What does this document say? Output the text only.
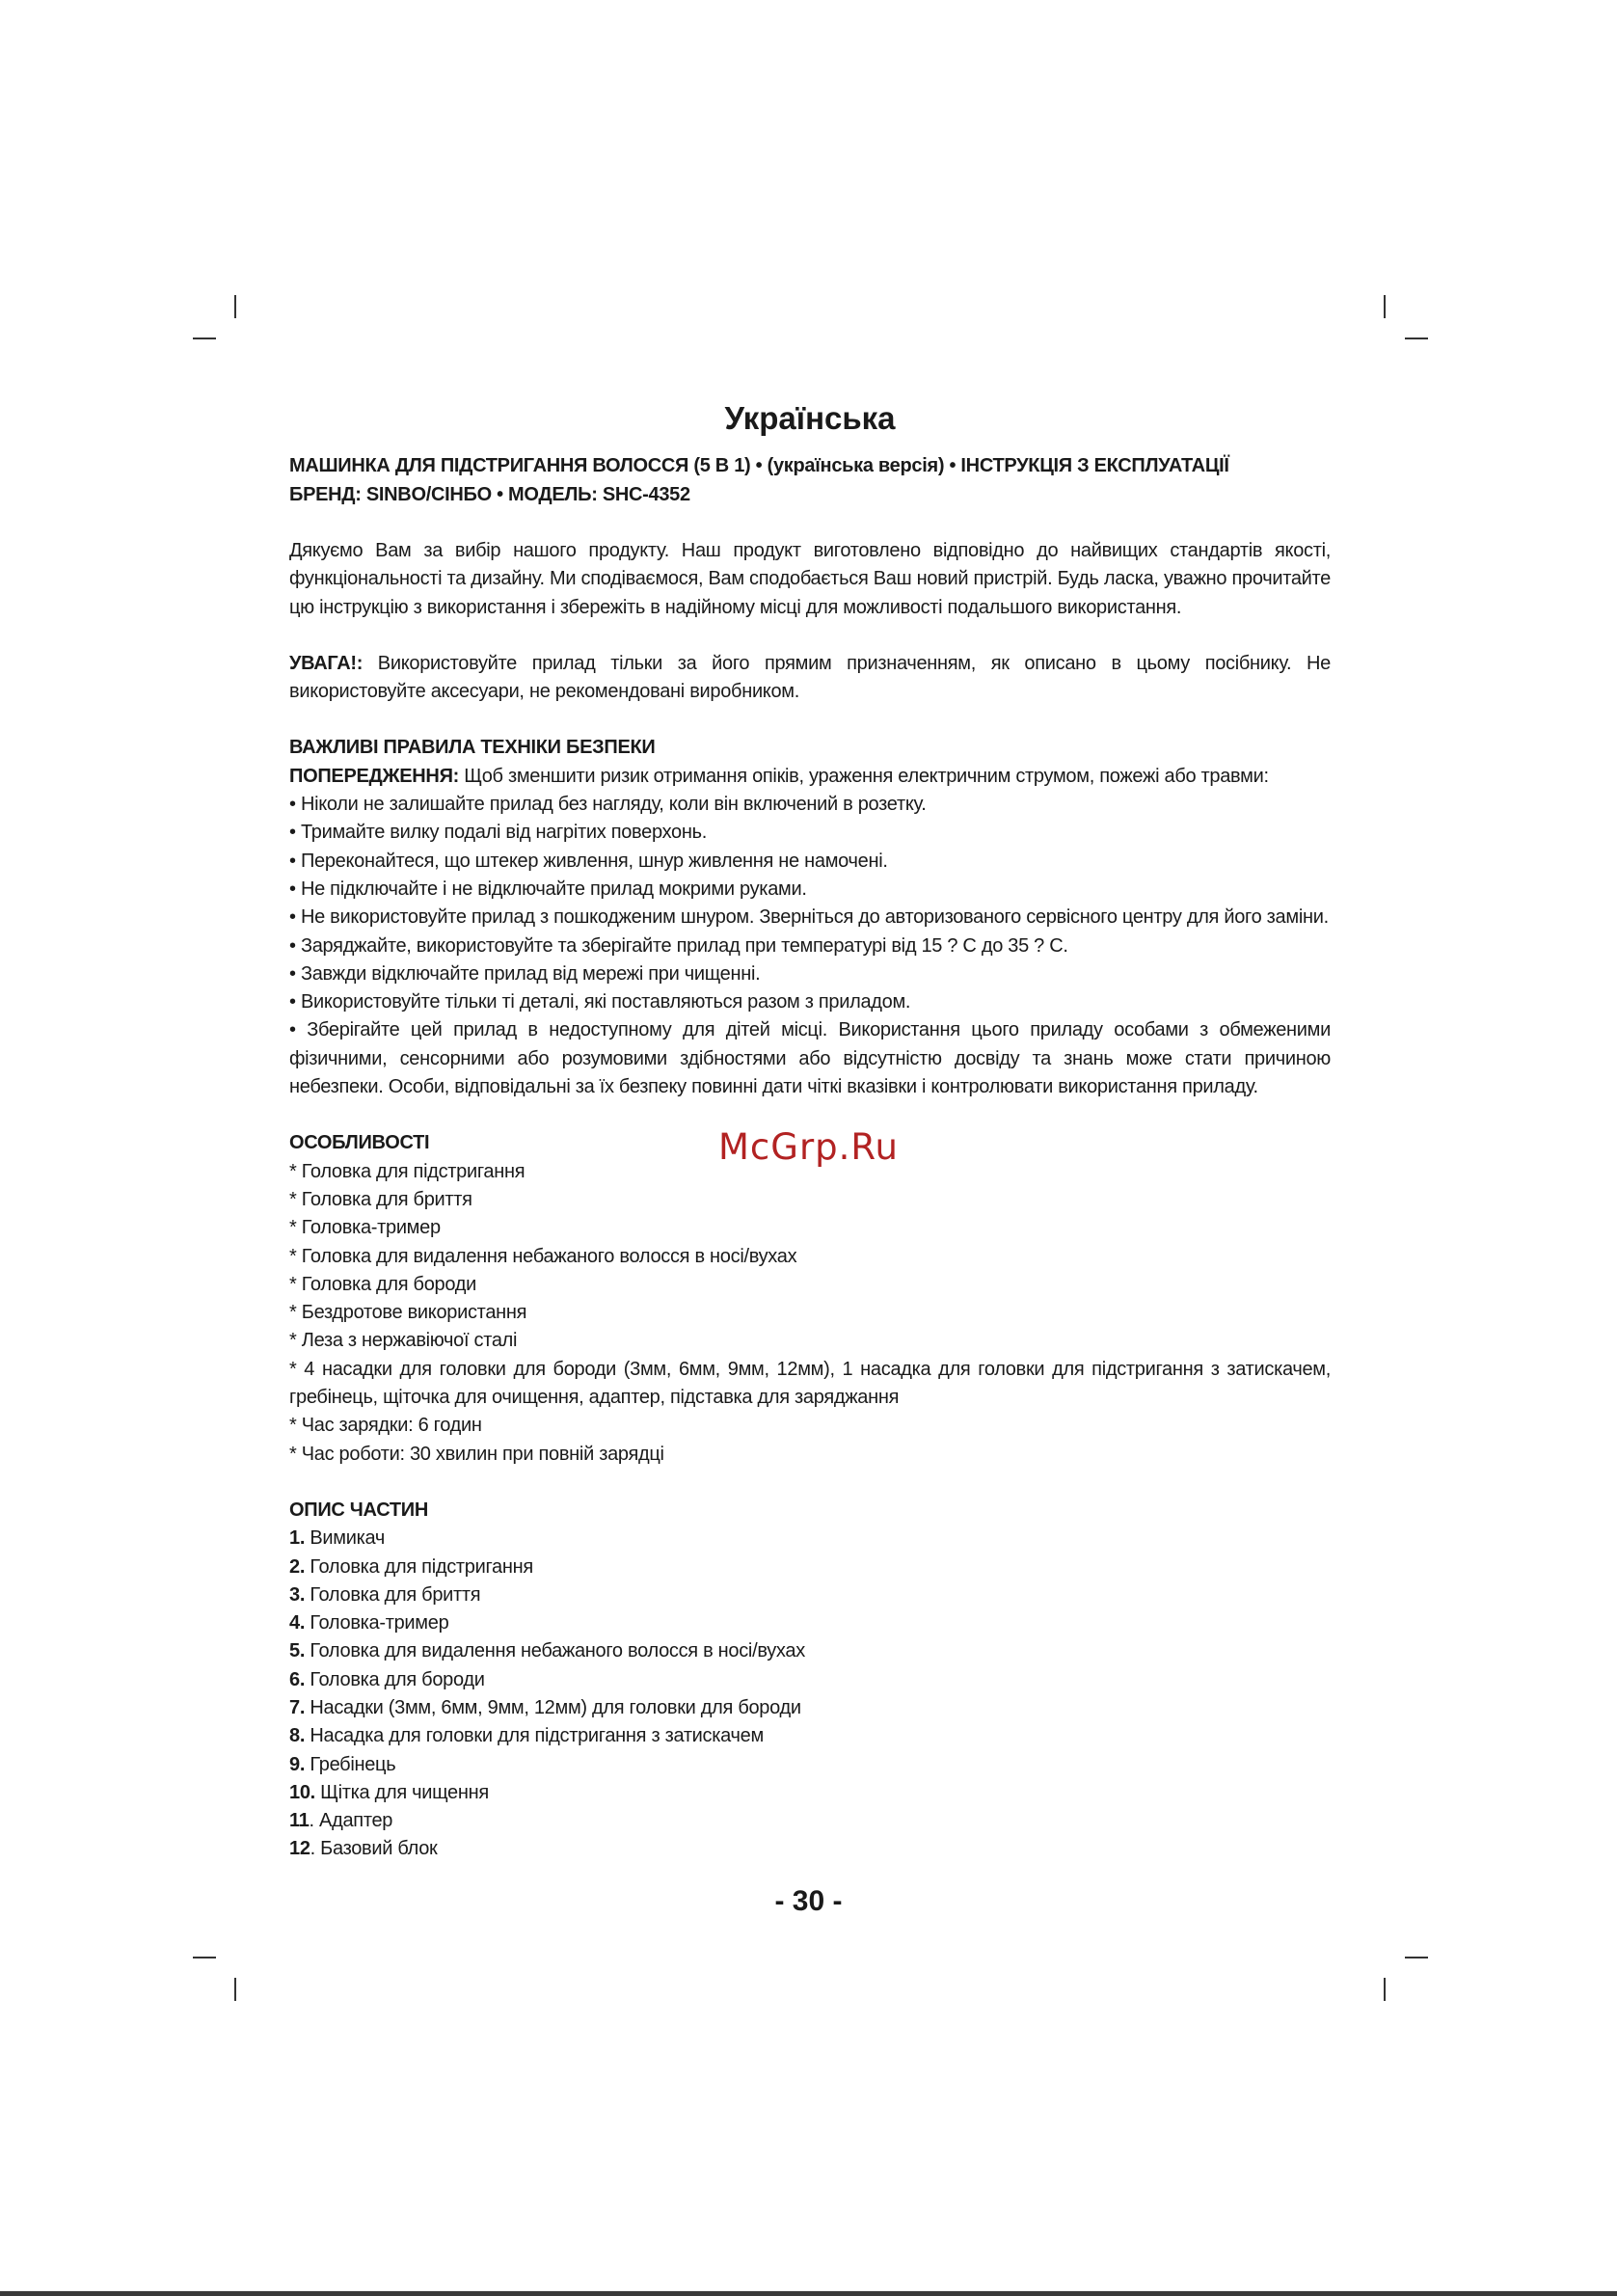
Українська
МАШИНКА ДЛЯ ПІДСТРИГАННЯ ВОЛОССЯ (5 В 1) • (українська версія) • ІНСТРУКЦІЯ З ЕКСПЛУАТАЦІЇ
БРЕНД: SINBO/СІНБО • МОДЕЛЬ: SHC-4352

Дякуємо Вам за вибір нашого продукту. Наш продукт виготовлено відповідно до найвищих стандартів якості, функціональності та дизайну. Ми сподіваємося, Вам сподобається Ваш новий пристрій. Будь ласка, уважно прочитайте цю інструкцію з використання і збережіть в надійному місці для можливості подальшого використання.

УВАГА!: Використовуйте прилад тільки за його прямим призначенням, як описано в цьому посібнику. Не використовуйте аксесуари, не рекомендовані виробником.

ВАЖЛИВІ ПРАВИЛА ТЕХНІКИ БЕЗПЕКИ

ПОПЕРЕДЖЕННЯ: Щоб зменшити ризик отримання опіків, ураження електричним струмом, пожежі або травми:

• Ніколи не залишайте прилад без нагляду, коли він включений в розетку.

• Тримайте вилку подалі від нагрітих поверхонь.

• Переконайтеся, що штекер живлення, шнур живлення не намочені.

• Не підключайте і не відключайте прилад мокрими руками.

• Не використовуйте прилад з пошкодженим шнуром. Зверніться до авторизованого сервісного центру для його заміни.

• Заряджайте, використовуйте та зберігайте прилад при температурі від 15 ? С до 35 ? С.

• Завжди відключайте прилад від мережі при чищенні.

• Використовуйте тільки ті деталі, які поставляються разом з приладом.

• Зберігайте цей прилад в недоступному для дітей місці. Використання цього приладу особами з обмеженими фізичними, сенсорними або розумовими здібностями або відсутністю досвіду та знань може стати причиною небезпеки. Особи, відповідальні за їх безпеку повинні дати чіткі вказівки і контролювати використання приладу.

ОСОБЛИВОСТІ

* Головка для підстригання

* Головка для бриття

* Головка-тример

* Головка для видалення небажаного волосся в носі/вухах

* Головка для бороди

* Бездротове використання

* Леза з нержавіючої сталі

* 4 насадки для головки для бороди (3мм, 6мм, 9мм, 12мм), 1 насадка для головки для підстригання з затискачем, гребінець, щіточка для очищення, адаптер, підставка для заряджання

* Час зарядки: 6 годин

* Час роботи: 30 хвилин при повній зарядці

ОПИС ЧАСТИН

1. Вимикач

2. Головка для підстригання

3. Головка для бриття

4. Головка-тример

5. Головка для видалення небажаного волосся в носі/вухах

6. Головка для бороди

7. Насадки (3мм, 6мм, 9мм, 12мм) для головки для бороди

8. Насадка для головки для підстригання з затискачем

9. Гребінець

10. Щітка для чищення

11. Адаптер

12. Базовий блок

McGrp.Ru
- 30 -
